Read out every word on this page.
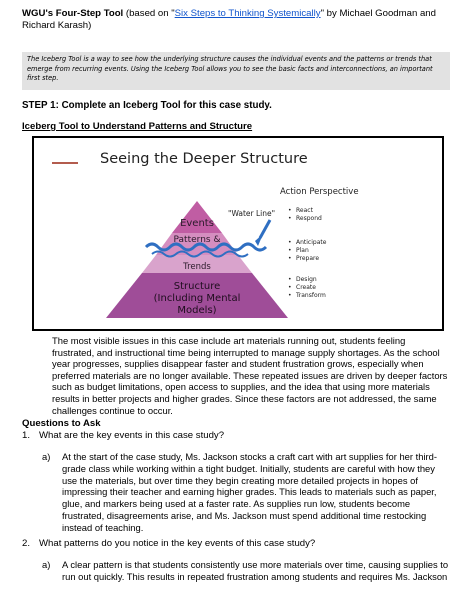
WGU's Four-Step Tool (based on "Six Steps to Thinking Systemically" by Michael Goodman and Richard Karash)
The Iceberg Tool is a way to see how the underlying structure causes the individual events and the patterns or trends that emerge from recurring events. Using the Iceberg Tool allows you to see the basic facts and interconnections, an important first step.
STEP 1: Complete an Iceberg Tool for this case study.
Iceberg Tool to Understand Patterns and Structure
Seeing the Deeper Structure
Events
Patterns &
Trends
Structure
(Including Mental
Models)
"Water Line"
Action Perspective
• React
• Respond
• Anticipate
• Plan
• Prepare
• Design
• Create
• Transform
The most visible issues in this case include art materials running out, students feeling frustrated, and instructional time being interrupted to manage supply shortages. As the school year progresses, supplies disappear faster and student frustration grows, especially when preferred materials are no longer available. These repeated issues are driven by deeper factors such as budget limitations, open access to supplies, and the idea that using more materials results in better projects and higher grades. Since these factors are not addressed, the same challenges continue to occur.
Questions to Ask
1. What are the key events in this case study?
a) At the start of the case study, Ms. Jackson stocks a craft cart with art supplies for her third-grade class while working within a tight budget. Initially, students are careful with how they use the materials, but over time they begin creating more detailed projects in hopes of impressing their teacher and earning higher grades. This leads to materials such as paper, glue, and markers being used at a faster rate. As supplies run low, students become frustrated, disagreements arise, and Ms. Jackson must spend additional time restocking instead of teaching.
2. What patterns do you notice in the key events of this case study?
a) A clear pattern is that students consistently use more materials over time, causing supplies to run out quickly. This results in repeated frustration among students and requires Ms. Jackson
